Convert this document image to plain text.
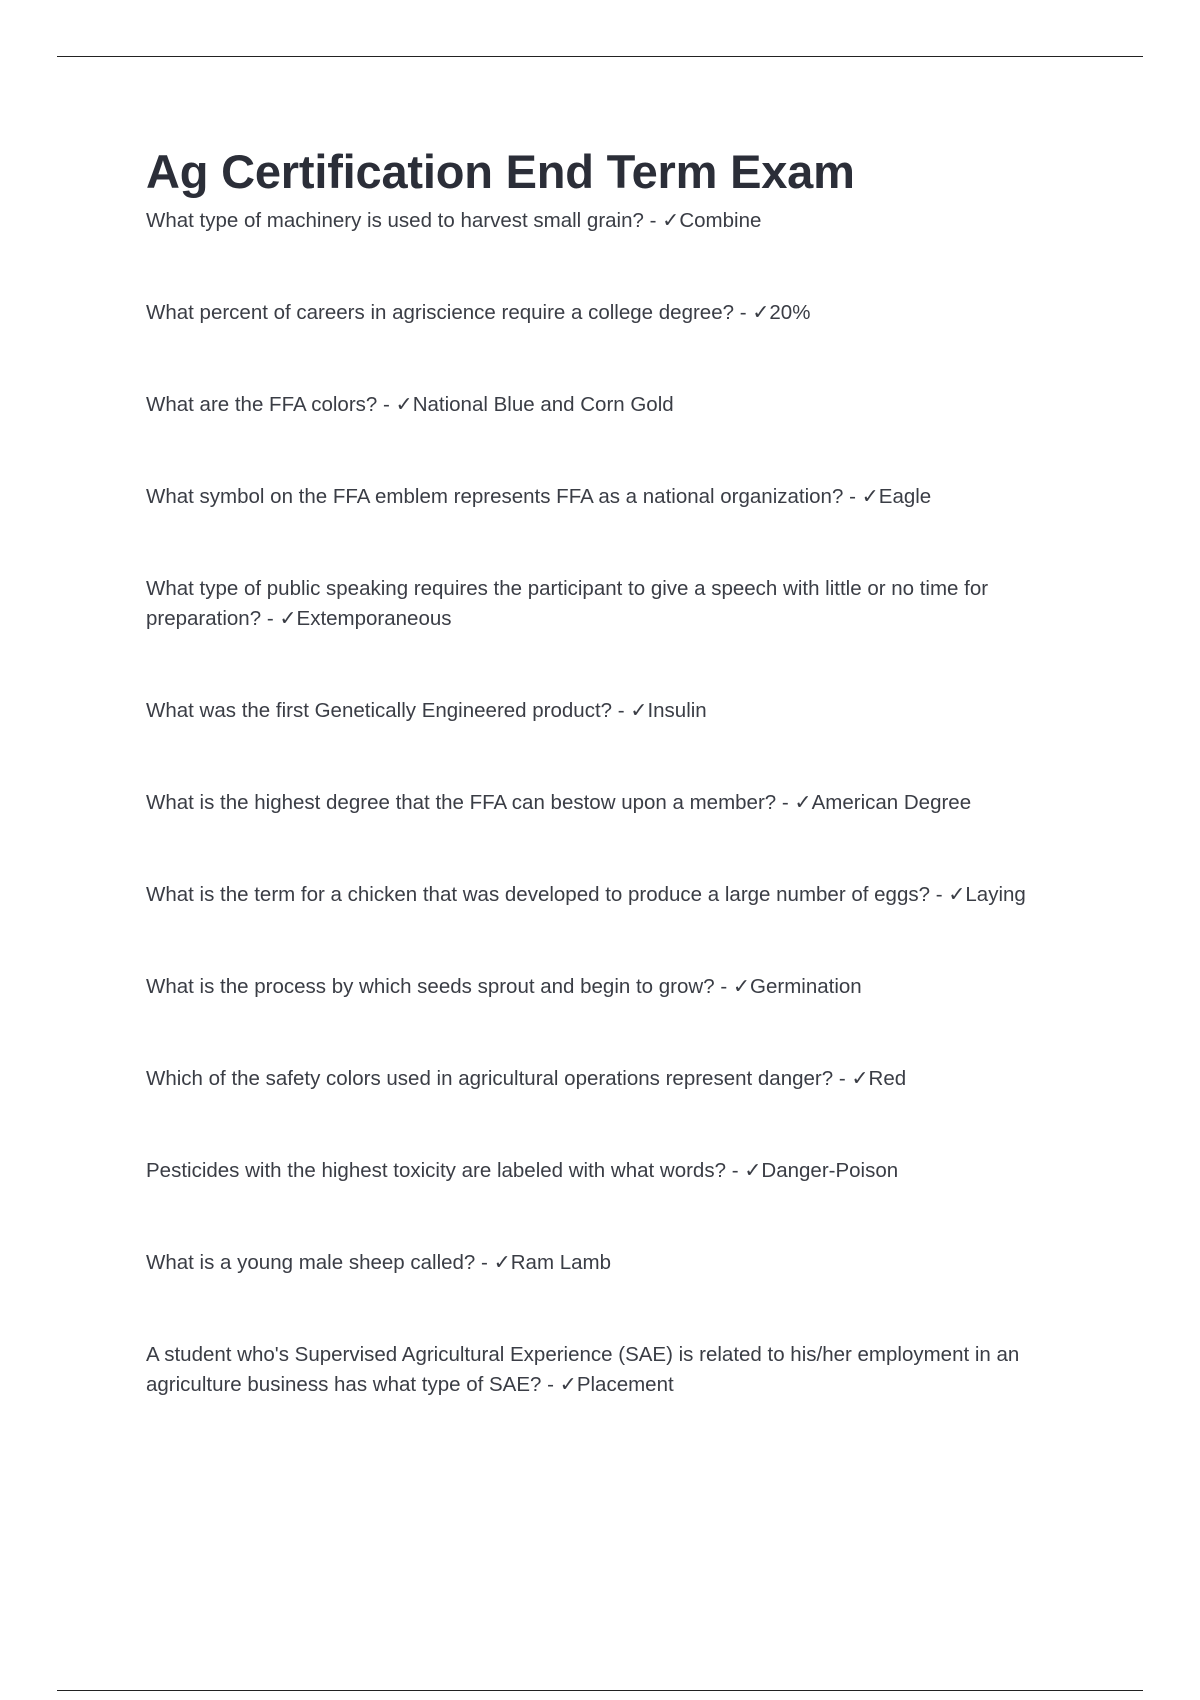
Ag Certification End Term Exam
What type of machinery is used to harvest small grain? - ✓Combine
What percent of careers in agriscience require a college degree? - ✓20%
What are the FFA colors? - ✓National Blue and Corn Gold
What symbol on the FFA emblem represents FFA as a national organization? - ✓Eagle
What type of public speaking requires the participant to give a speech with little or no time for preparation? - ✓Extemporaneous
What was the first Genetically Engineered product? - ✓Insulin
What is the highest degree that the FFA can bestow upon a member? - ✓American Degree
What is the term for a chicken that was developed to produce a large number of eggs? - ✓Laying
What is the process by which seeds sprout and begin to grow? - ✓Germination
Which of the safety colors used in agricultural operations represent danger? - ✓Red
Pesticides with the highest toxicity are labeled with what words? - ✓Danger-Poison
What is a young male sheep called? - ✓Ram Lamb
A student who's Supervised Agricultural Experience (SAE) is related to his/her employment in an agriculture business has what type of SAE? - ✓Placement
